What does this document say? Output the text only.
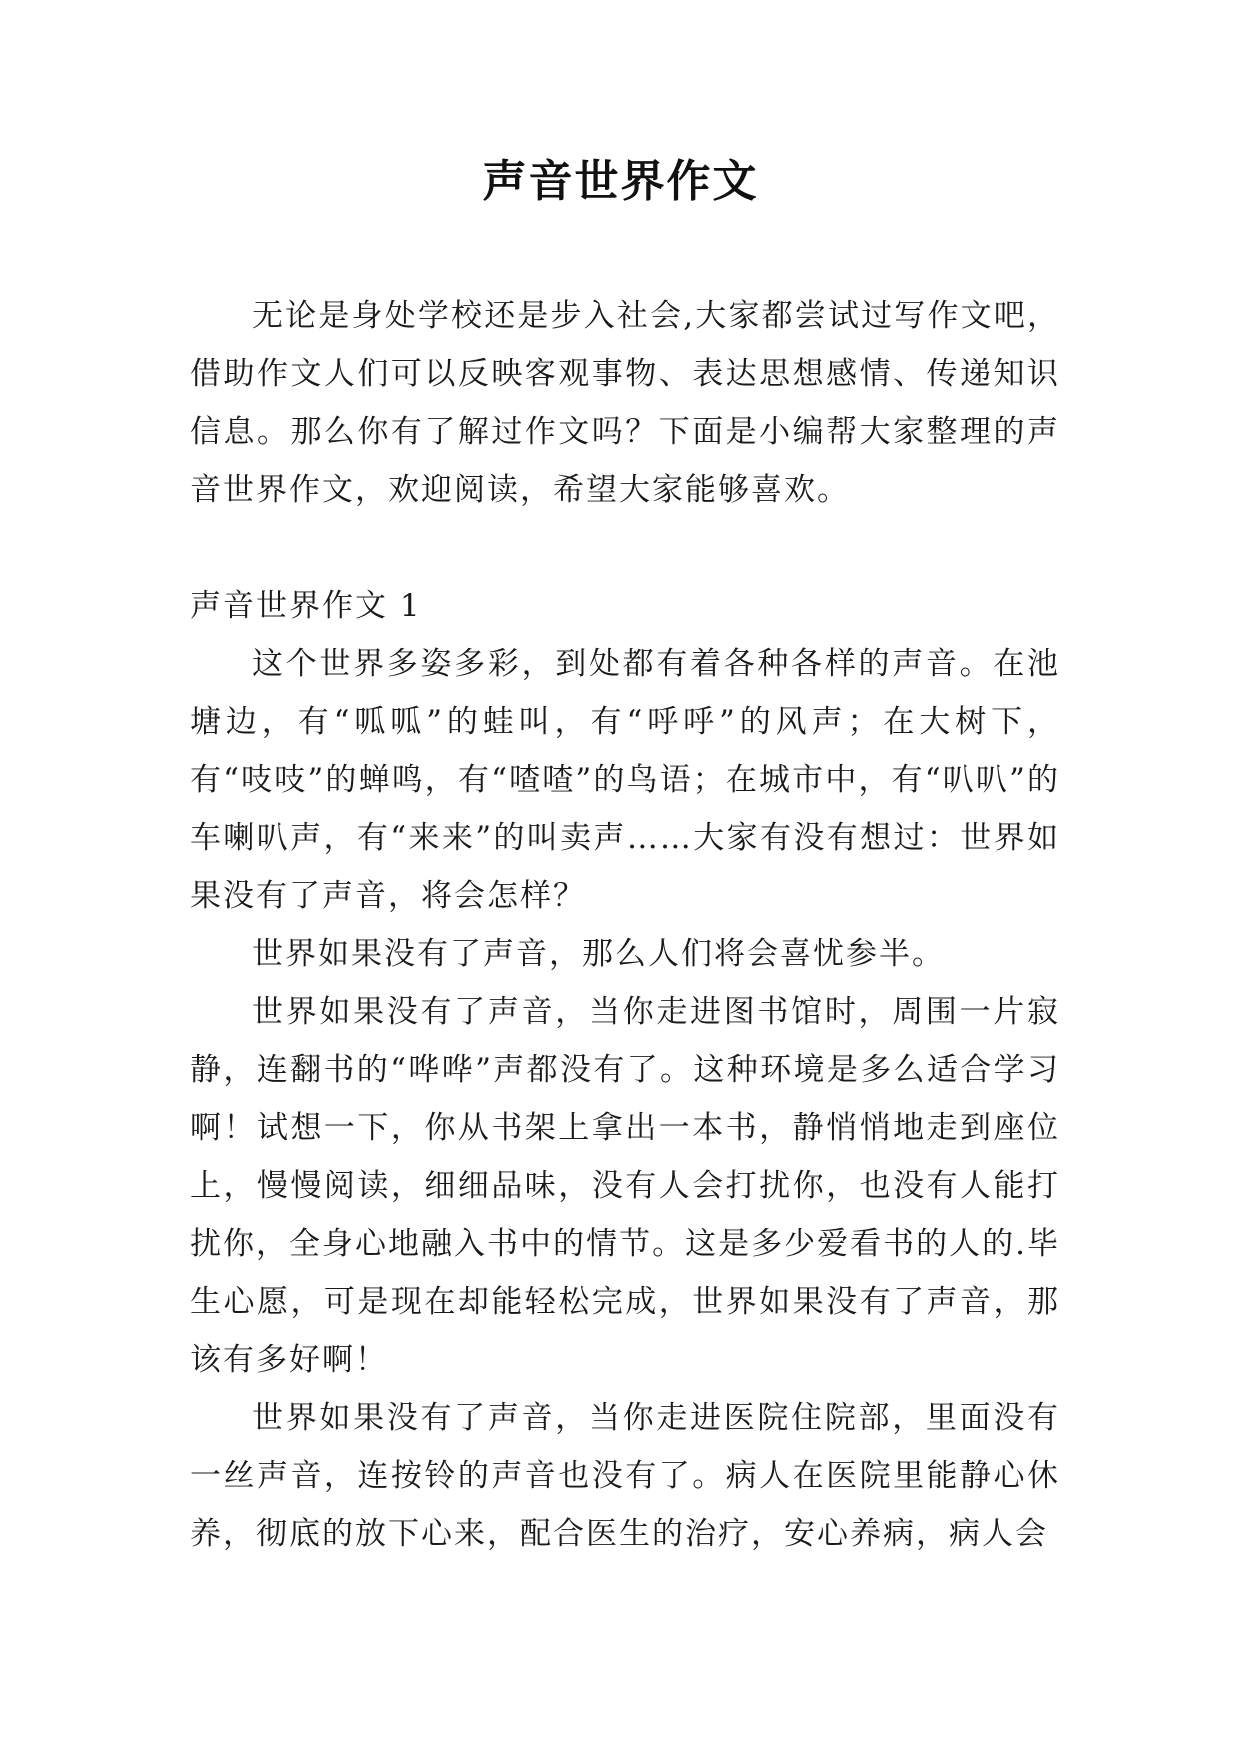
声音世界作文

无论是身处学校还是步入社会,大家都尝试过写作文吧，借助作文人们可以反映客观事物、表达思想感情、传递知识信息。那么你有了解过作文吗？下面是小编帮大家整理的声音世界作文，欢迎阅读，希望大家能够喜欢。

声音世界作文 1

这个世界多姿多彩，到处都有着各种各样的声音。在池塘边，有“呱呱”的蛙叫，有“呼呼”的风声；在大树下，有“吱吱”的蝉鸣，有“喳喳”的鸟语；在城市中，有“叭叭”的车喇叭声，有“来来”的叫卖声……大家有没有想过：世界如果没有了声音，将会怎样？

世界如果没有了声音，那么人们将会喜忧参半。

世界如果没有了声音，当你走进图书馆时，周围一片寂静，连翻书的“哗哗”声都没有了。这种环境是多么适合学习啊！试想一下，你从书架上拿出一本书，静悄悄地走到座位上，慢慢阅读，细细品味，没有人会打扰你，也没有人能打扰你，全身心地融入书中的情节。这是多少爱看书的人的.毕生心愿，可是现在却能轻松完成，世界如果没有了声音，那该有多好啊！

世界如果没有了声音，当你走进医院住院部，里面没有一丝声音，连按铃的声音也没有了。病人在医院里能静心休养，彻底的放下心来，配合医生的治疗，安心养病，病人会
